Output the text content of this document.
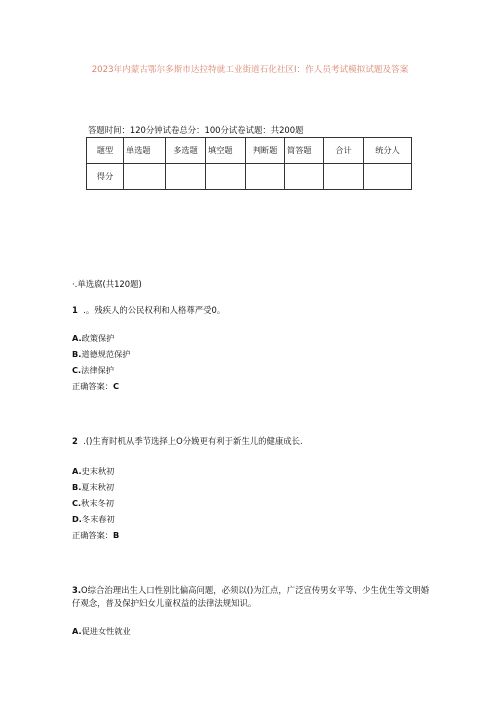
2023年内蒙古鄂尔多斯市达拉特就工业街道石化社区I：作人员考试模拟试题及答案
答题时间：120分钟试卷总分：100分试卷试题：共200题
题型	单选题	多选题	填空题	判断题	简答题	合计	统分人
得分							
·.单选腐(共120题)
1 .。残疾人的公民权利和人格尊严受0。
A.政策保护
B.道德规范保护
C.法律保护
正确答案：C
2 .()生育时机从季节选择上O分娩更有利于新生儿的健康成长.
A.史末秋初
B.夏末秋初
C.秋末冬初
D.冬末春初
正确答案：B
3.O综合治理出生人口性别比偏高问题，必须以()为江点，广泛宣传男女平等、少生优生等文明婚仔观念，普及保护妇女儿童权益的法律法规知识。
A.促进女性就业
